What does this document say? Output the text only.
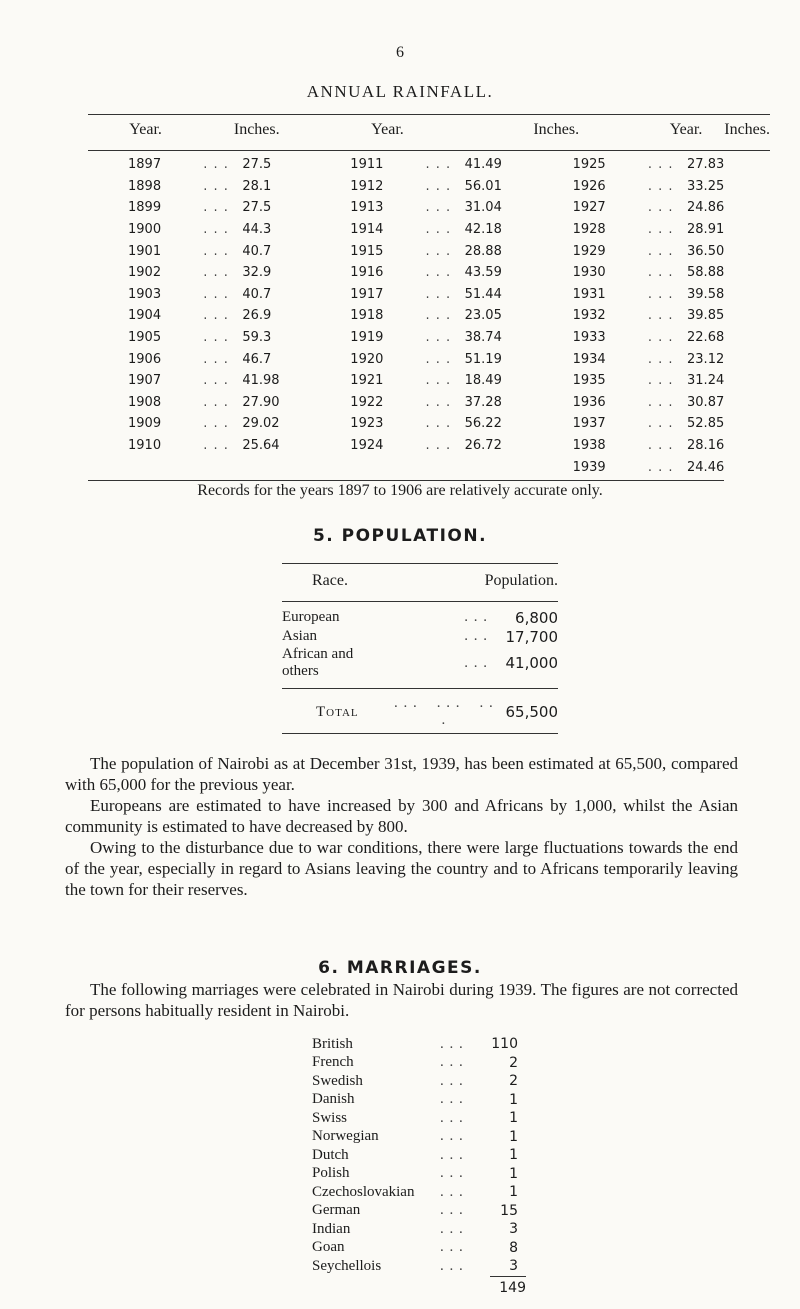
6
ANNUAL RAINFALL.
Year.	Inches.		Year.		Inches.		Year.		Inches.
1897	. . .	27.5	1911	. . .	41.49	1925	. . .	27.83	
1898	. . .	28.1	1912	. . .	56.01	1926	. . .	33.25	
1899	. . .	27.5	1913	. . .	31.04	1927	. . .	24.86	
1900	. . .	44.3	1914	. . .	42.18	1928	. . .	28.91	
1901	. . .	40.7	1915	. . .	28.88	1929	. . .	36.50	
1902	. . .	32.9	1916	. . .	43.59	1930	. . .	58.88	
1903	. . .	40.7	1917	. . .	51.44	1931	. . .	39.58	
1904	. . .	26.9	1918	. . .	23.05	1932	. . .	39.85	
1905	. . .	59.3	1919	. . .	38.74	1933	. . .	22.68	
1906	. . .	46.7	1920	. . .	51.19	1934	. . .	23.12	
1907	. . .	41.98	1921	. . .	18.49	1935	. . .	31.24	
1908	. . .	27.90	1922	. . .	37.28	1936	. . .	30.87	
1909	. . .	29.02	1923	. . .	56.22	1937	. . .	52.85	
1910	. . .	25.64	1924	. . .	26.72	1938	. . .	28.16	
						1939	. . .	24.46	
Records for the years 1897 to 1906 are relatively accurate only.
5. POPULATION.
Race.	Population.	
European	. . .	6,800
Asian	. . .	17,700
African and others	. . .	41,000
Total	. . .    . . .    . . .	65,500

The population of Nairobi as at December 31st, 1939, has been estimated at 65,500, compared with 65,000 for the previous year.

Europeans are estimated to have increased by 300 and Africans by 1,000, whilst the Asian community is estimated to have decreased by 800.

Owing to the disturbance due to war conditions, there were large fluctuations towards the end of the year, especially in regard to Asians leaving the country and to Africans temporarily leaving the town for their reserves.

6. MARRIAGES.

The following marriages were celebrated in Nairobi during 1939. The figures are not corrected for persons habitually resident in Nairobi.

British	. . .	110
French	. . .	2
Swedish	. . .	2
Danish	. . .	1
Swiss	. . .	1
Norwegian	. . .	1
Dutch	. . .	1
Polish	. . .	1
Czechoslovakian	. . .	1
German	. . .	15
Indian	. . .	3
Goan	. . .	8
Seychellois	. . .	3
149
